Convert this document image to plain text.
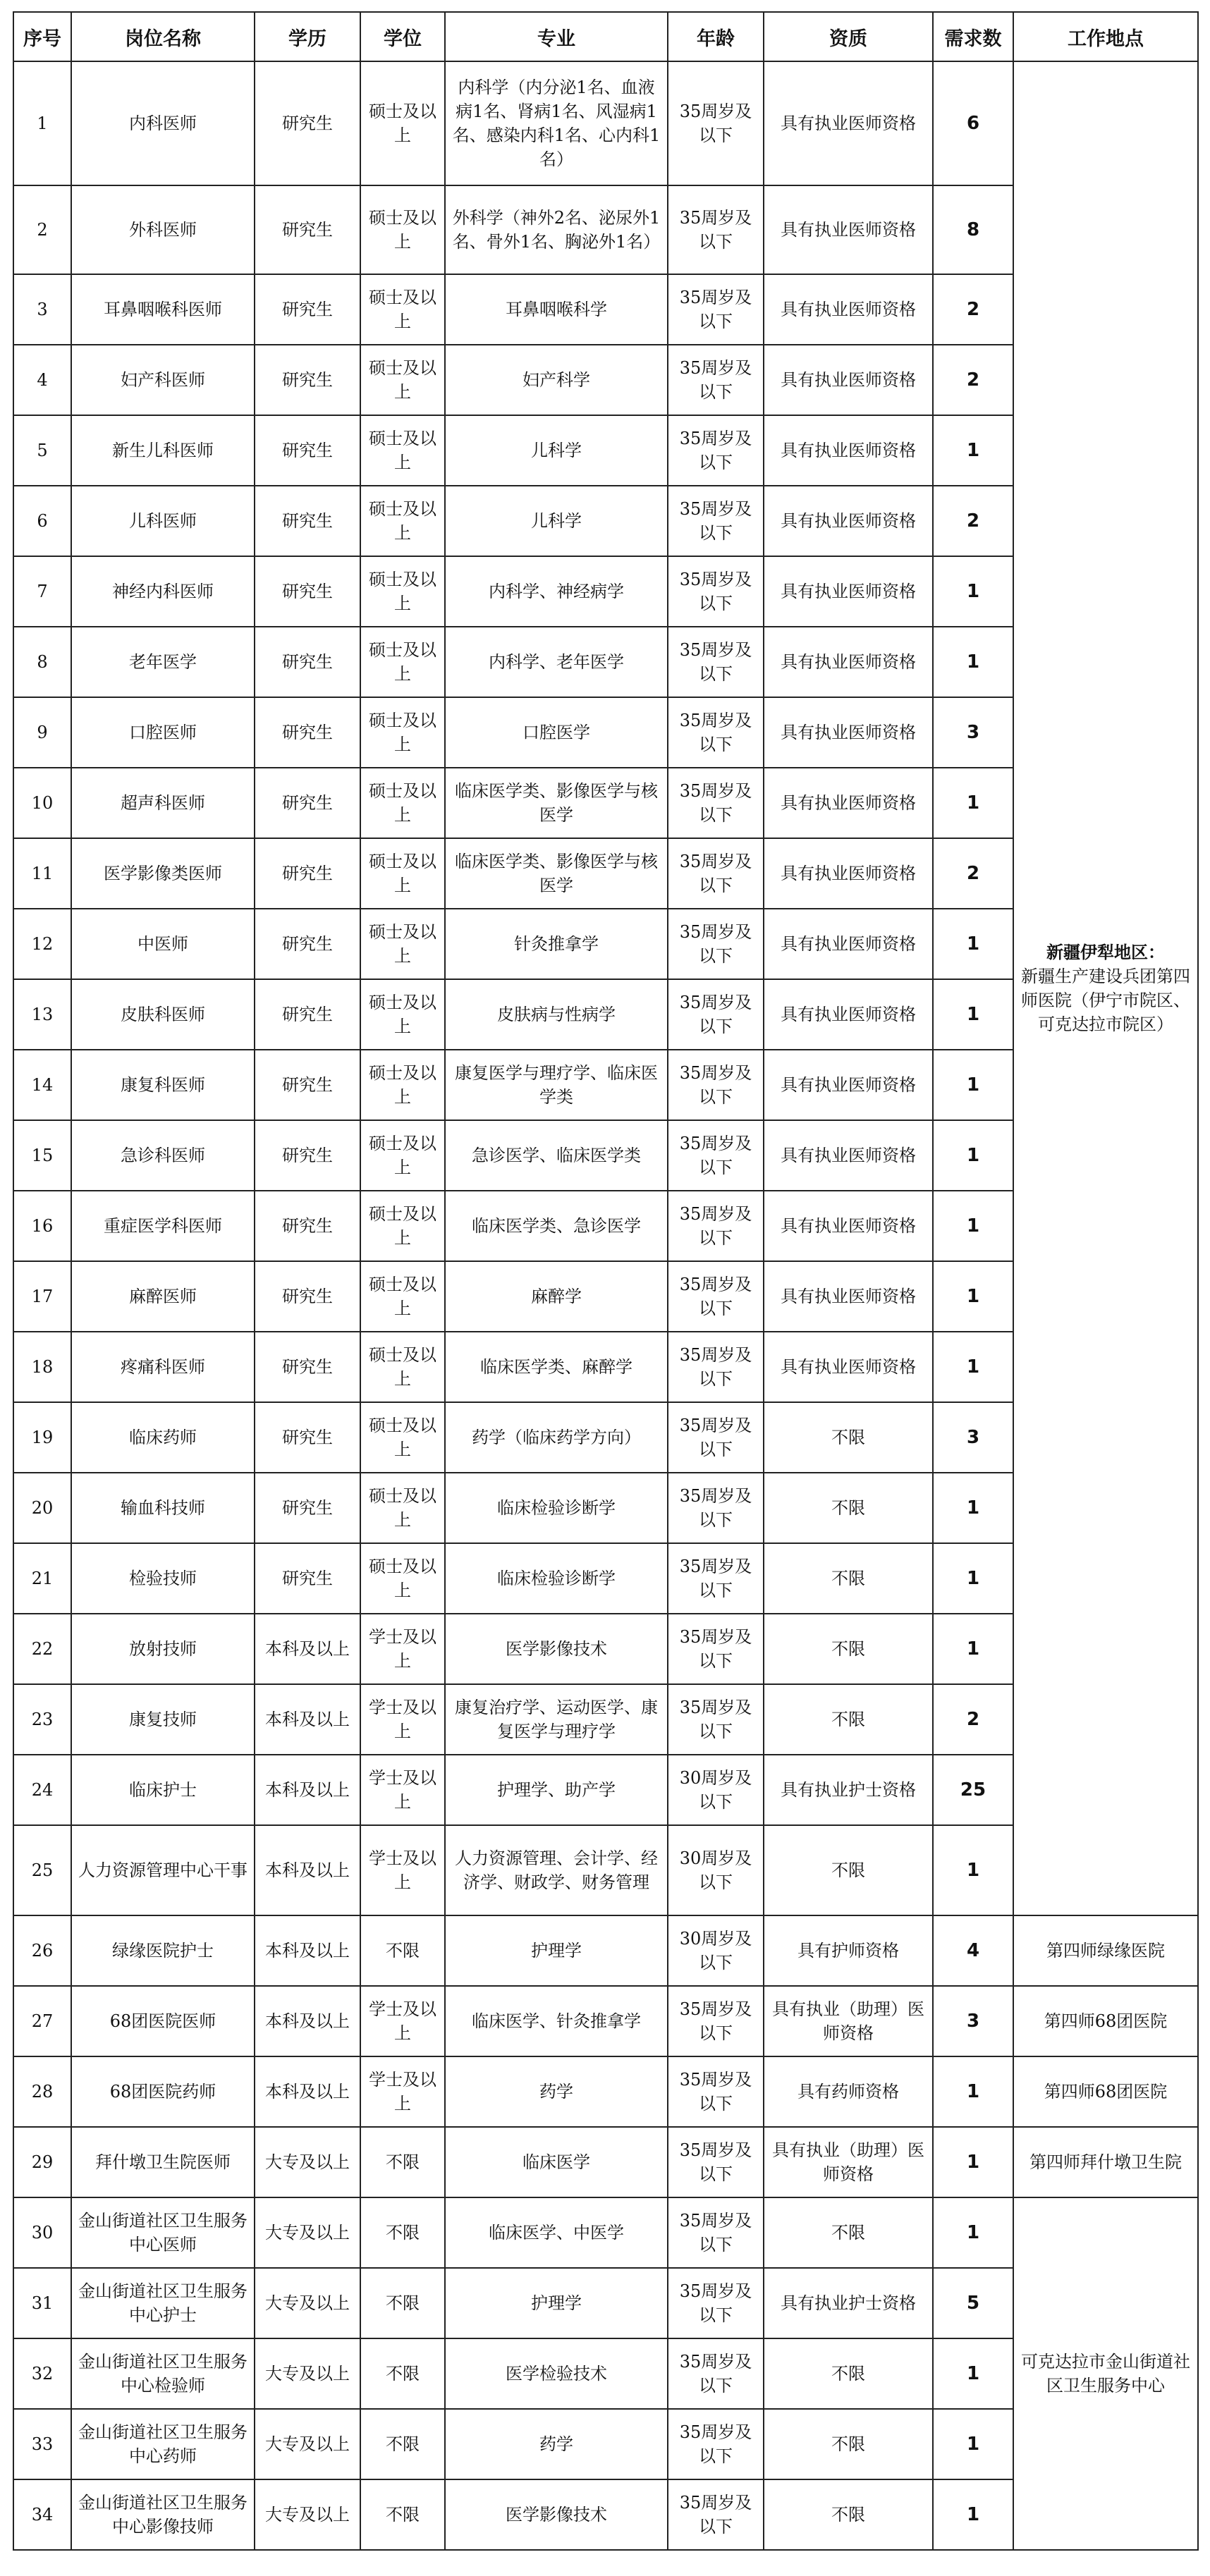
序号	岗位名称	学历	学位	专业	年龄	资质	需求数	工作地点
1	内科医师	研究生	硕士及以上	内科学（内分泌1名、血液病1名、肾病1名、风湿病1名、感染内科1名、心内科1名）	35周岁及以下	具有执业医师资格	6	新疆伊犁地区：
新疆生产建设兵团第四师医院（伊宁市院区、可克达拉市院区）

2	外科医师	研究生	硕士及以上	外科学（神外2名、泌尿外1名、骨外1名、胸泌外1名）	35周岁及以下	具有执业医师资格	8	
3	耳鼻咽喉科医师	研究生	硕士及以上	耳鼻咽喉科学	35周岁及以下	具有执业医师资格	2	
4	妇产科医师	研究生	硕士及以上	妇产科学	35周岁及以下	具有执业医师资格	2	
5	新生儿科医师	研究生	硕士及以上	儿科学	35周岁及以下	具有执业医师资格	1	
6	儿科医师	研究生	硕士及以上	儿科学	35周岁及以下	具有执业医师资格	2	
7	神经内科医师	研究生	硕士及以上	内科学、神经病学	35周岁及以下	具有执业医师资格	1	
8	老年医学	研究生	硕士及以上	内科学、老年医学	35周岁及以下	具有执业医师资格	1	
9	口腔医师	研究生	硕士及以上	口腔医学	35周岁及以下	具有执业医师资格	3	
10	超声科医师	研究生	硕士及以上	临床医学类、影像医学与核医学	35周岁及以下	具有执业医师资格	1	
11	医学影像类医师	研究生	硕士及以上	临床医学类、影像医学与核医学	35周岁及以下	具有执业医师资格	2	
12	中医师	研究生	硕士及以上	针灸推拿学	35周岁及以下	具有执业医师资格	1	
13	皮肤科医师	研究生	硕士及以上	皮肤病与性病学	35周岁及以下	具有执业医师资格	1	
14	康复科医师	研究生	硕士及以上	康复医学与理疗学、临床医学类	35周岁及以下	具有执业医师资格	1	
15	急诊科医师	研究生	硕士及以上	急诊医学、临床医学类	35周岁及以下	具有执业医师资格	1	
16	重症医学科医师	研究生	硕士及以上	临床医学类、急诊医学	35周岁及以下	具有执业医师资格	1	
17	麻醉医师	研究生	硕士及以上	麻醉学	35周岁及以下	具有执业医师资格	1	
18	疼痛科医师	研究生	硕士及以上	临床医学类、麻醉学	35周岁及以下	具有执业医师资格	1	
19	临床药师	研究生	硕士及以上	药学（临床药学方向）	35周岁及以下	不限	3	
20	输血科技师	研究生	硕士及以上	临床检验诊断学	35周岁及以下	不限	1	
21	检验技师	研究生	硕士及以上	临床检验诊断学	35周岁及以下	不限	1	
22	放射技师	本科及以上	学士及以上	医学影像技术	35周岁及以下	不限	1	
23	康复技师	本科及以上	学士及以上	康复治疗学、运动医学、康复医学与理疗学	35周岁及以下	不限	2	
24	临床护士	本科及以上	学士及以上	护理学、助产学	30周岁及以下	具有执业护士资格	25	
25	人力资源管理中心干事	本科及以上	学士及以上	人力资源管理、会计学、经济学、财政学、财务管理	30周岁及以下	不限	1	
26	绿缘医院护士	本科及以上	不限	护理学	30周岁及以下	具有护师资格	4	第四师绿缘医院

27	68团医院医师	本科及以上	学士及以上	临床医学、针灸推拿学	35周岁及以下	具有执业（助理）医师资格	3	第四师68团医院

28	68团医院药师	本科及以上	学士及以上	药学	35周岁及以下	具有药师资格	1	第四师68团医院

29	拜什墩卫生院医师	大专及以上	不限	临床医学	35周岁及以下	具有执业（助理）医师资格	1	第四师拜什墩卫生院

30	金山街道社区卫生服务中心医师	大专及以上	不限	临床医学、中医学	35周岁及以下	不限	1	可克达拉市金山街道社区卫生服务中心

31	金山街道社区卫生服务中心护士	大专及以上	不限	护理学	35周岁及以下	具有执业护士资格	5	
32	金山街道社区卫生服务中心检验师	大专及以上	不限	医学检验技术	35周岁及以下	不限	1	
33	金山街道社区卫生服务中心药师	大专及以上	不限	药学	35周岁及以下	不限	1	
34	金山街道社区卫生服务中心影像技师	大专及以上	不限	医学影像技术	35周岁及以下	不限	1	
